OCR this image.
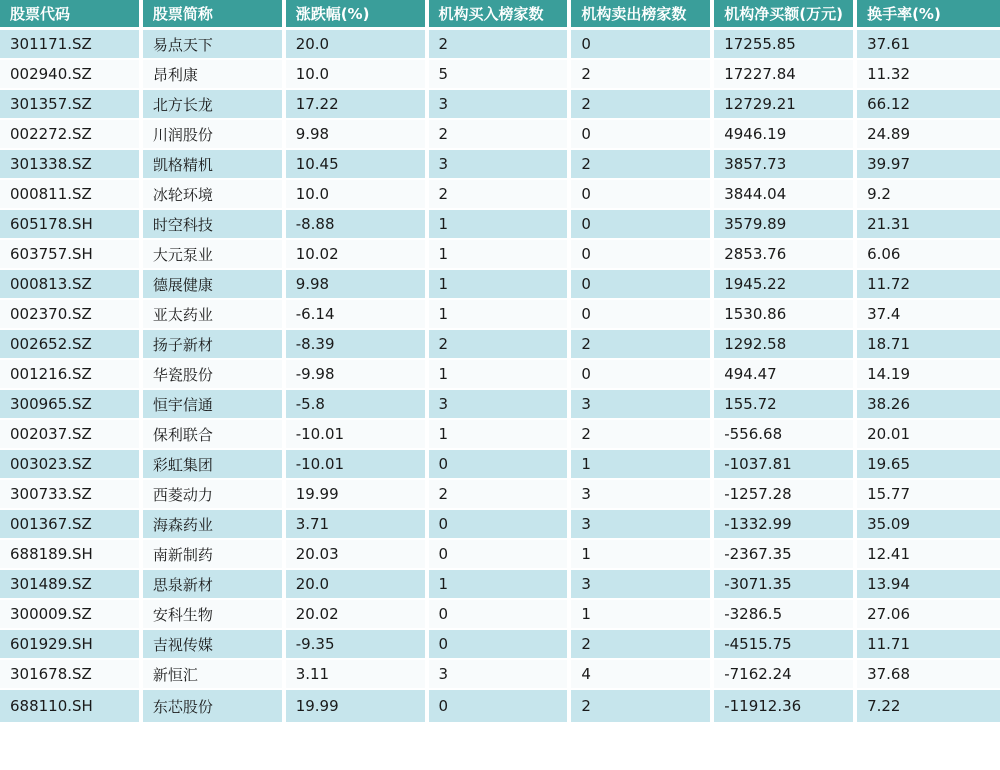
股票代码	股票简称	涨跌幅(%)	机构买入榜家数	机构卖出榜家数	机构净买额(万元)	换手率(%)
301171.SZ	易点天下	20.0	2	0	17255.85	37.61
002940.SZ	昂利康	10.0	5	2	17227.84	11.32
301357.SZ	北方长龙	17.22	3	2	12729.21	66.12
002272.SZ	川润股份	9.98	2	0	4946.19	24.89
301338.SZ	凯格精机	10.45	3	2	3857.73	39.97
000811.SZ	冰轮环境	10.0	2	0	3844.04	9.2
605178.SH	时空科技	-8.88	1	0	3579.89	21.31
603757.SH	大元泵业	10.02	1	0	2853.76	6.06
000813.SZ	德展健康	9.98	1	0	1945.22	11.72
002370.SZ	亚太药业	-6.14	1	0	1530.86	37.4
002652.SZ	扬子新材	-8.39	2	2	1292.58	18.71
001216.SZ	华瓷股份	-9.98	1	0	494.47	14.19
300965.SZ	恒宇信通	-5.8	3	3	155.72	38.26
002037.SZ	保利联合	-10.01	1	2	-556.68	20.01
003023.SZ	彩虹集团	-10.01	0	1	-1037.81	19.65
300733.SZ	西菱动力	19.99	2	3	-1257.28	15.77
001367.SZ	海森药业	3.71	0	3	-1332.99	35.09
688189.SH	南新制药	20.03	0	1	-2367.35	12.41
301489.SZ	思泉新材	20.0	1	3	-3071.35	13.94
300009.SZ	安科生物	20.02	0	1	-3286.5	27.06
601929.SH	吉视传媒	-9.35	0	2	-4515.75	11.71
301678.SZ	新恒汇	3.11	3	4	-7162.24	37.68
688110.SH	东芯股份	19.99	0	2	-11912.36	7.22
